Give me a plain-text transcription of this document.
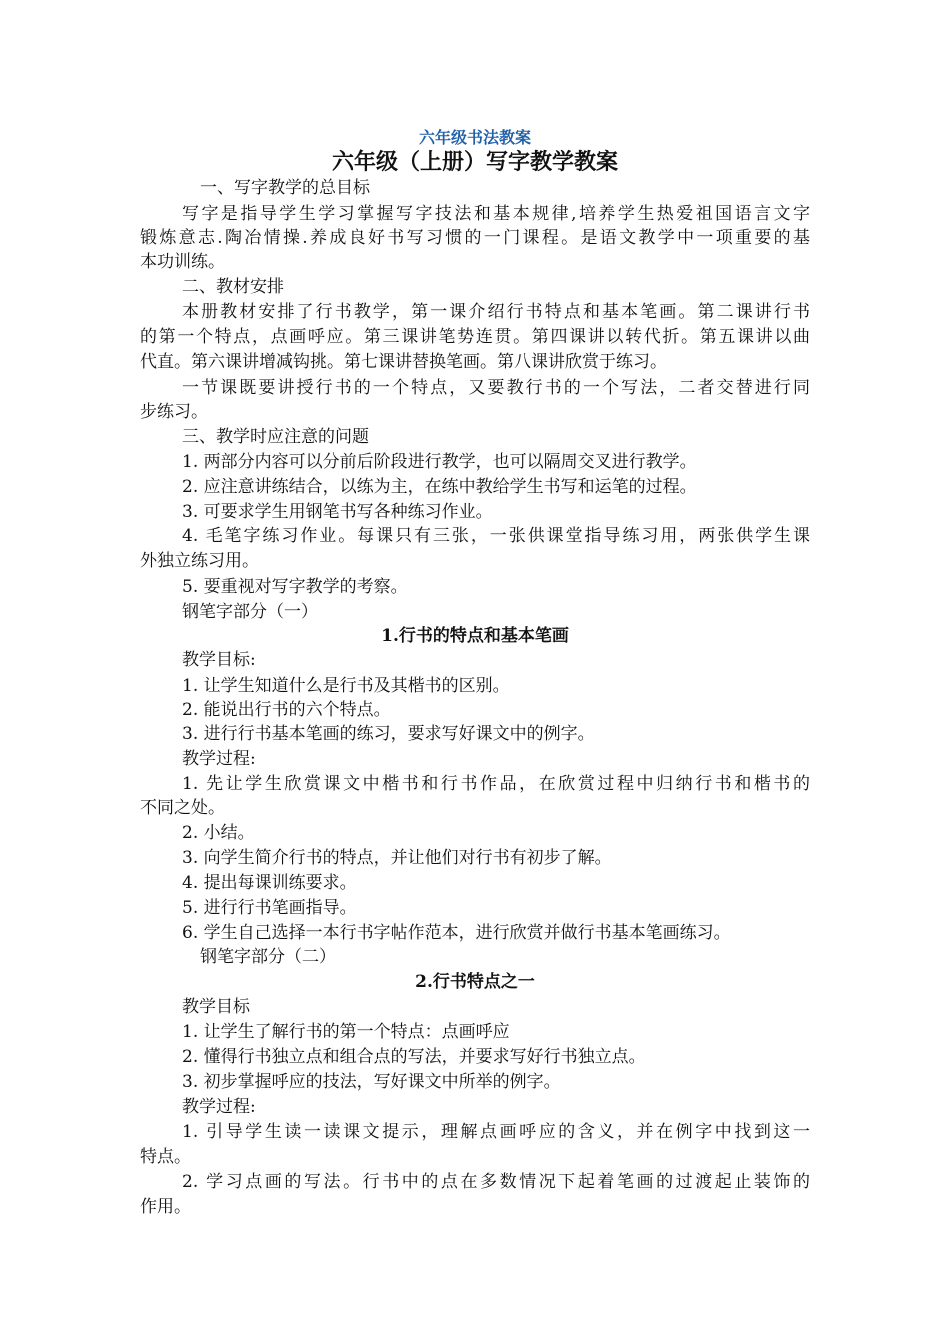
六年级书法教案
六年级（上册）写字教学教案
一、写字教学的总目标
写字是指导学生学习掌握写字技法和基本规律,培养学生热爱祖国语言文字
锻炼意志.陶冶情操.养成良好书写习惯的一门课程。是语文教学中一项重要的基
本功训练。
二、教材安排
本册教材安排了行书教学，第一课介绍行书特点和基本笔画。第二课讲行书
的第一个特点，点画呼应。第三课讲笔势连贯。第四课讲以转代折。第五课讲以曲
代直。第六课讲增减钩挑。第七课讲替换笔画。第八课讲欣赏于练习。
一节课既要讲授行书的一个特点，又要教行书的一个写法，二者交替进行同
步练习。
三、教学时应注意的问题
1. 两部分内容可以分前后阶段进行教学，也可以隔周交叉进行教学。
2. 应注意讲练结合，以练为主，在练中教给学生书写和运笔的过程。
3. 可要求学生用钢笔书写各种练习作业。
4. 毛笔字练习作业。每课只有三张，一张供课堂指导练习用，两张供学生课
外独立练习用。
5. 要重视对写字教学的考察。
钢笔字部分（一）
1.行书的特点和基本笔画
教学目标:
1. 让学生知道什么是行书及其楷书的区别。
2. 能说出行书的六个特点。
3. 进行行书基本笔画的练习，要求写好课文中的例字。
教学过程:
1. 先让学生欣赏课文中楷书和行书作品，在欣赏过程中归纳行书和楷书的
不同之处。
2. 小结。
3. 向学生简介行书的特点，并让他们对行书有初步了解。
4. 提出每课训练要求。
5. 进行行书笔画指导。
6. 学生自己选择一本行书字帖作范本，进行欣赏并做行书基本笔画练习。
钢笔字部分（二）
2.行书特点之一
教学目标
1. 让学生了解行书的第一个特点：点画呼应
2. 懂得行书独立点和组合点的写法，并要求写好行书独立点。
3. 初步掌握呼应的技法，写好课文中所举的例字。
教学过程:
1. 引导学生读一读课文提示，理解点画呼应的含义，并在例字中找到这一
特点。
2. 学习点画的写法。行书中的点在多数情况下起着笔画的过渡起止装饰的
作用。
